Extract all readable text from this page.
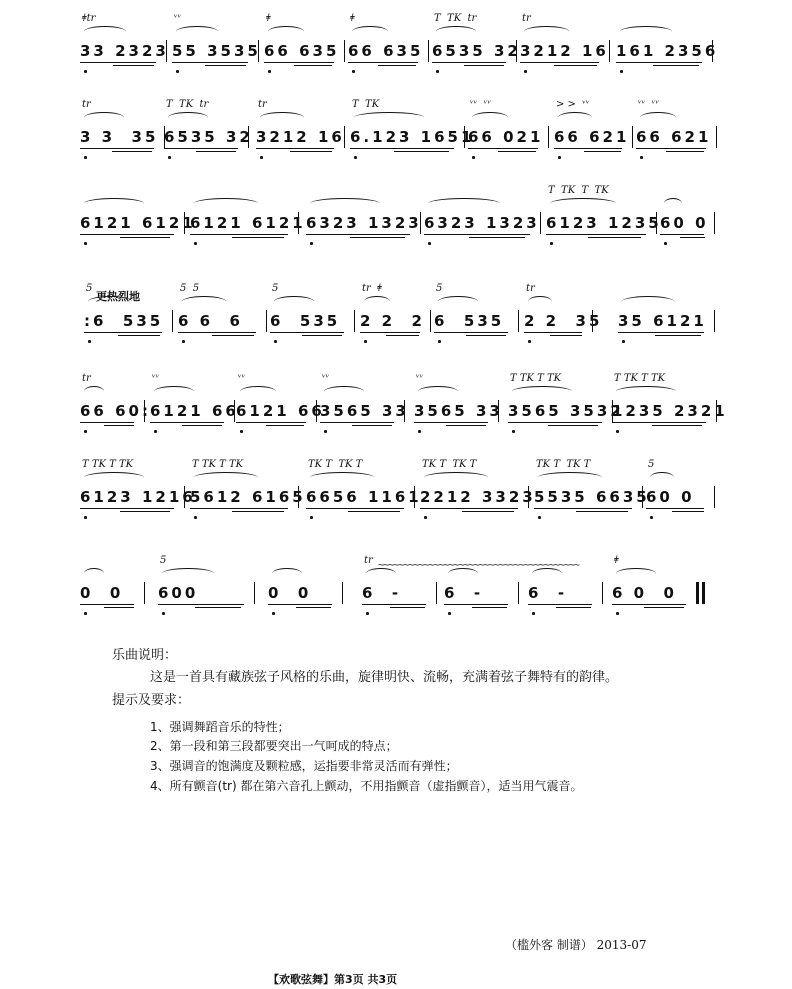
ǂtr
33 2323
ᵛᵛ
55 3535
ǂ
66 635
ǂ
66 635
T  TK  tr
6535 32
tr
3212 16 161 2356
tr
3 3  35
T  TK  tr
6535 32
tr
3212 16
T  TK
6.123 1651
ᵛᵛ  ᵛᵛ
66 021
> >  ᵛᵛ
66 621
ᵛᵛ  ᵛᵛ
66 621
6121 6121
6121 6121 6323 1323 6323 1323
T  TK  T  TK
6123 1235
60 0
5
:6  535
5  5
6 6  6
5
6  535
tr  ǂ
2 2  2
5
6  535
tr
2 2  35 35 6121
tr
66 60:
ᵛᵛ
6121 66
ᵛᵛ
6121 66
ᵛᵛ
3565 33
ᵛᵛ
3565 33
T TK T TK
3565 3532
T TK T TK
1235 2321
T TK T TK
6123 1216
T TK T TK
5612 6165
TK T  TK T
6656 1161
TK T  TK T
2212 3323
TK T  TK T
5535 6635
5
60 0
0  0
5
600	0  0
tr
6  -	6  -	6  -
ǂ
6 0  0
~~~~~~~~~~~~~~~~~~~~~~~~~~~~~~~~~~~~~~~~
更热烈地
乐曲说明：
这是一首具有藏族弦子风格的乐曲，旋律明快、流畅，充满着弦子舞特有的韵律。
提示及要求：
1、强调舞蹈音乐的特性；
2、第一段和第三段都要突出一气呵成的特点；
3、强调音的饱满度及颗粒感，运指要非常灵活而有弹性；
4、所有颤音(tr) 都在第六音孔上颤动，不用指颤音（虚指颤音），适当用气震音。
（槛外客 制谱） 2013-07
【欢歌弦舞】第3页 共3页
